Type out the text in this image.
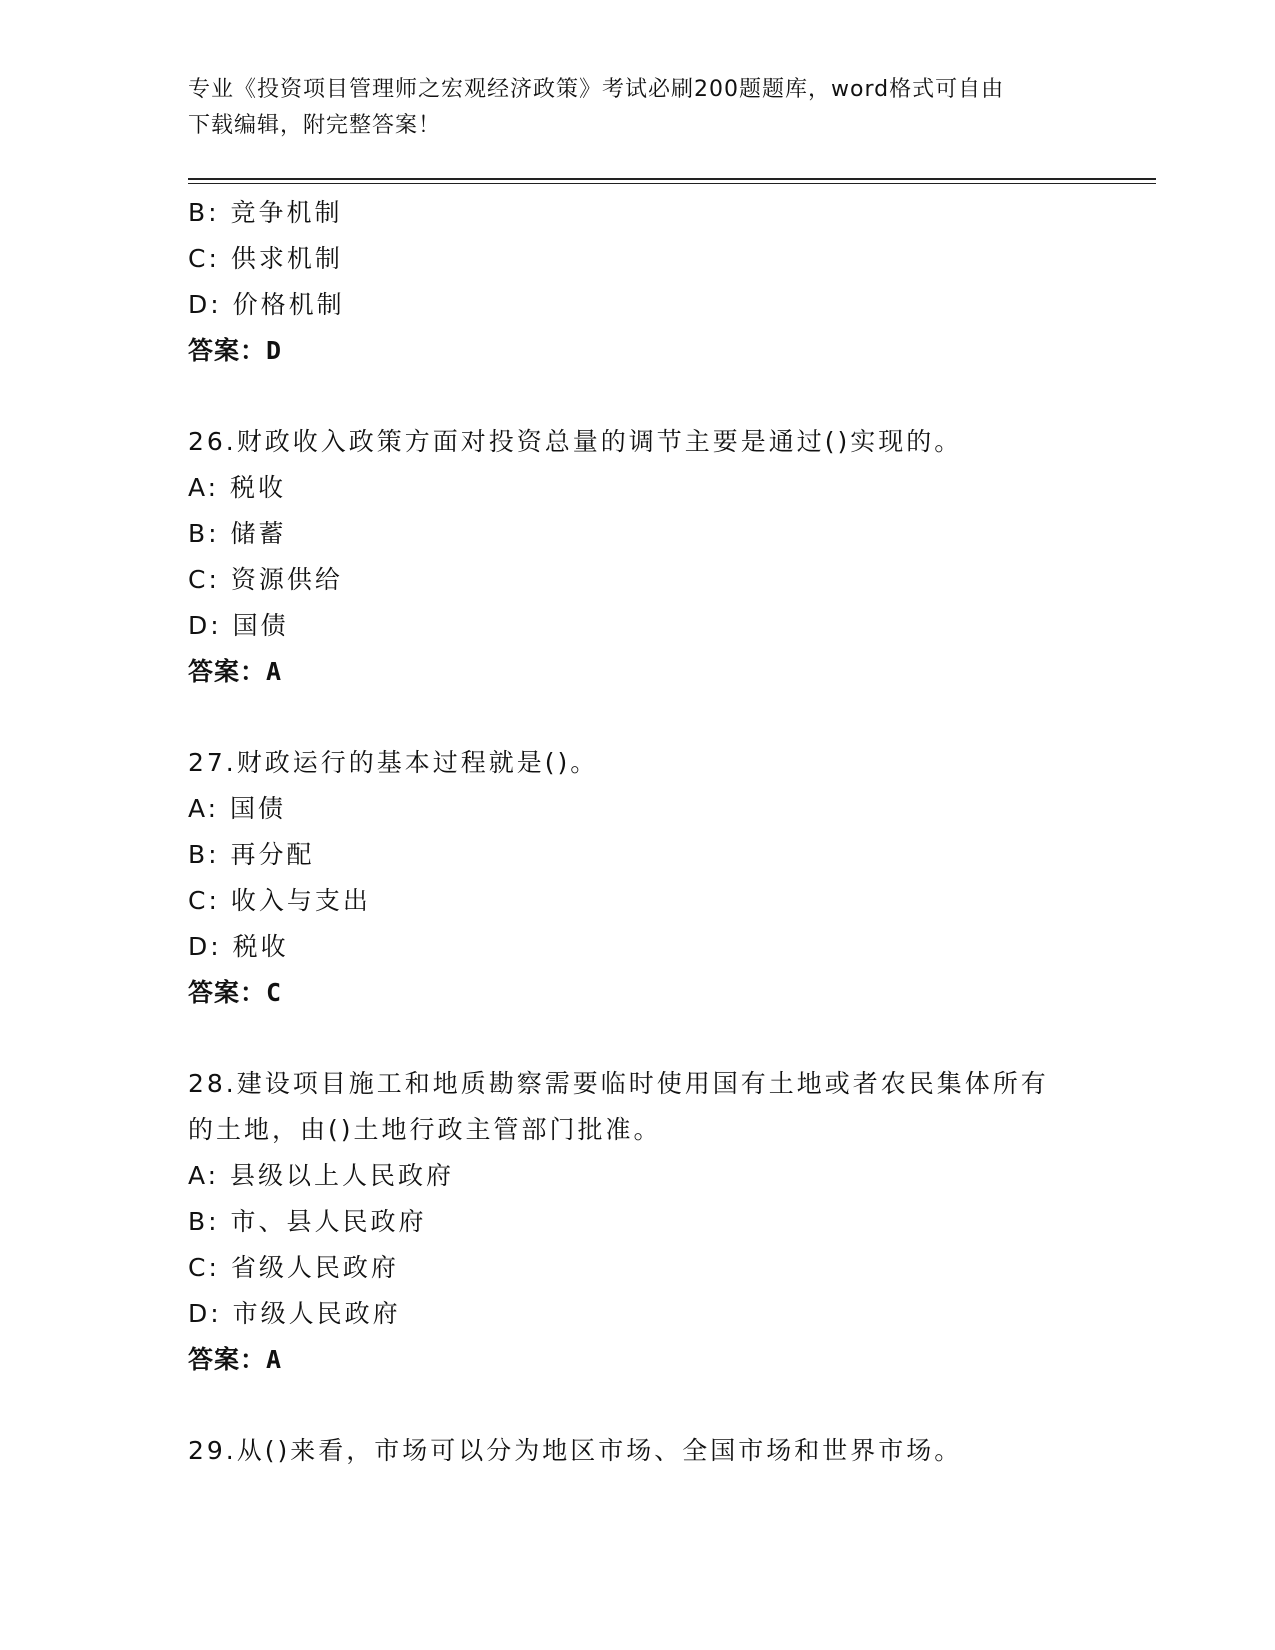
专业《投资项目管理师之宏观经济政策》考试必刷200题题库，word格式可自由
下载编辑，附完整答案！
B: 竞争机制
C: 供求机制
D: 价格机制
答案：D
26.财政收入政策方面对投资总量的调节主要是通过()实现的。
A: 税收
B: 储蓄
C: 资源供给
D: 国债
答案：A
27.财政运行的基本过程就是()。
A: 国债
B: 再分配
C: 收入与支出
D: 税收
答案：C
28.建设项目施工和地质勘察需要临时使用国有土地或者农民集体所有
的土地，由()土地行政主管部门批准。
A: 县级以上人民政府
B: 市、县人民政府
C: 省级人民政府
D: 市级人民政府
答案：A
29.从()来看，市场可以分为地区市场、全国市场和世界市场。
